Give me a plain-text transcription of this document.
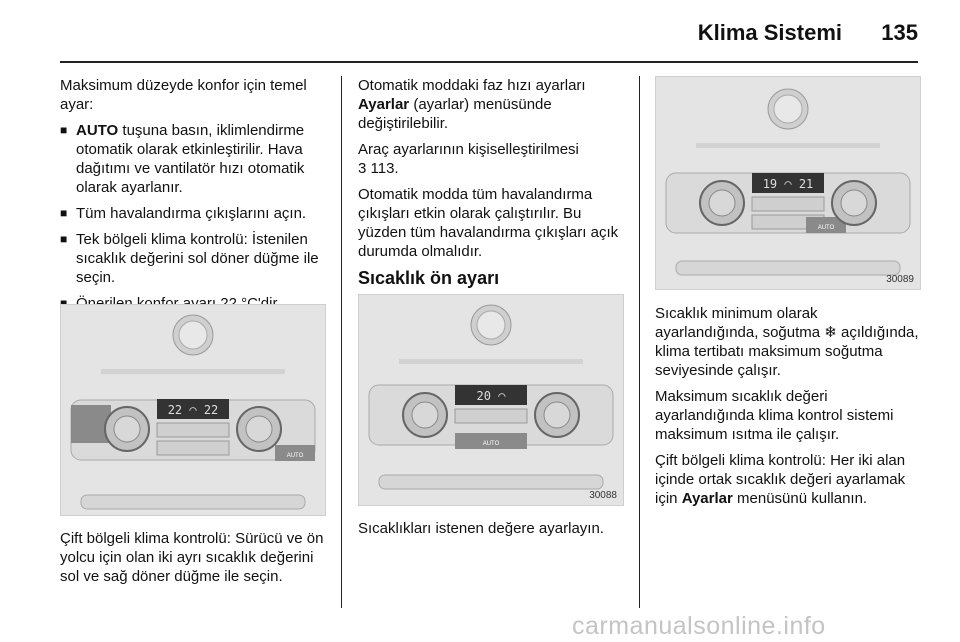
Klima Sistemi 135

Maksimum düzeyde konfor için temel ayar:

■ AUTO tuşuna basın, iklimlendirme otomatik olarak etkinleştirilir. Hava dağıtımı ve vantilatör hızı otomatik olarak ayarlanır.
■ Tüm havalandırma çıkışlarını açın.
■ Tek bölgeli klima kontrolü: İstenilen sıcaklık değerini sol döner düğme ile seçin.
■
22 ◠ 22
AUTO

Çift bölgeli klima kontrolü: Sürücü ve ön yolcu için olan iki ayrı sıcaklık değerini sol ve sağ döner düğme ile seçin.

Otomatik moddaki faz hızı ayarları Ayarlar (ayarlar) menüsünde değiştirilebilir.

Araç ayarlarının kişiselleştirilmesi
3 113.

Otomatik modda tüm havalandırma çıkışları etkin olarak çalıştırılır. Bu yüzden tüm havalandırma çıkışları açık durumda olmalıdır.

Sıcaklık ön ayarı
20 ◠
AUTO
30088

Sıcaklıkları istenen değere ayarlayın.

19 ◠ 21
AUTO
30089

Sıcaklık minimum olarak ayarlandığında, soğutma ❄ açıldığında, klima tertibatı maksimum soğutma seviyesinde çalışır.

Maksimum sıcaklık değeri ayarlandığında klima kontrol sistemi maksimum ısıtma ile çalışır.

Çift bölgeli klima kontrolü: Her iki alan içinde ortak sıcaklık değeri ayarlamak için Ayarlar menüsünü kullanın.

carmanualsonline.info
